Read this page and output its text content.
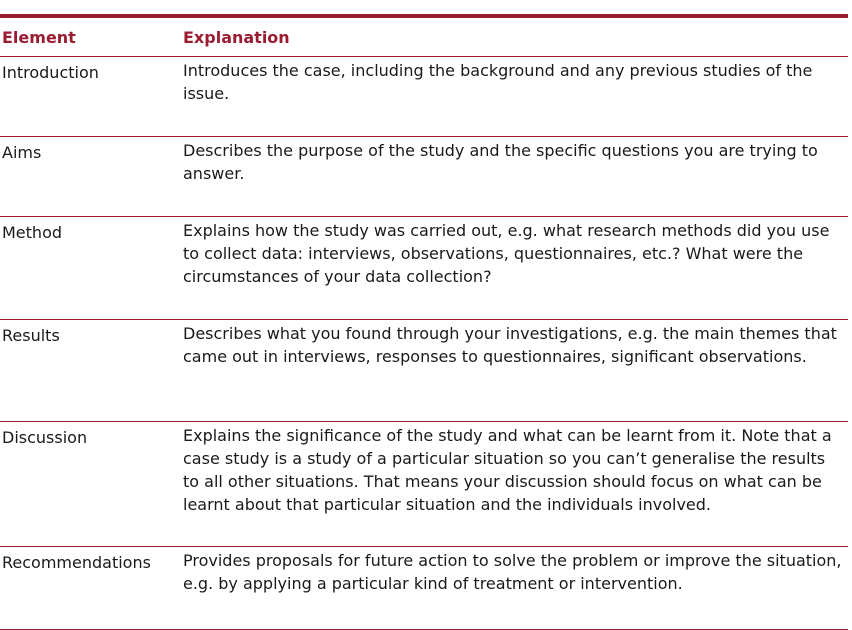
Element	Explanation
Introduction	Introduces the case, including the background and any previous studies of the issue.
Aims	Describes the purpose of the study and the specific questions you are trying to answer.
Method	Explains how the study was carried out, e.g. what research methods did you use to collect data: interviews, observations, questionnaires, etc.? What were the circumstances of your data collection?
Results	Describes what you found through your investigations, e.g. the main themes that came out in interviews, responses to questionnaires, significant observations.
Discussion	Explains the significance of the study and what can be learnt from it. Note that a case study is a study of a particular situation so you can’t generalise the results to all other situations. That means your discussion should focus on what can be learnt about that particular situation and the individuals involved.
Recommendations	Provides proposals for future action to solve the problem or improve the situation, e.g. by applying a particular kind of treatment or intervention.
